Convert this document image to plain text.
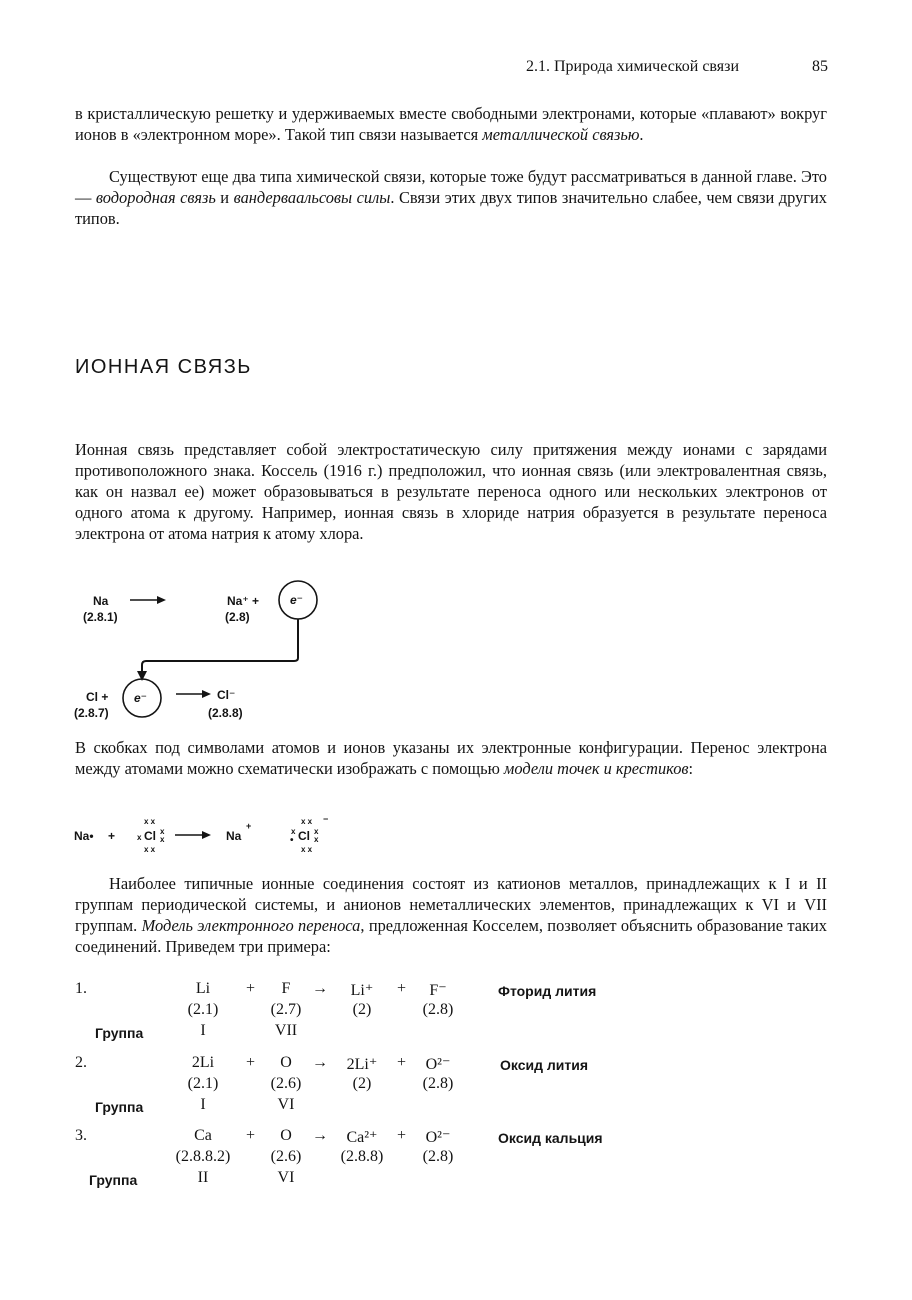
2.1. Природа химической связи	85

в кристаллическую решетку и удерживаемых вместе свободными электронами, которые «плавают» вокруг ионов в «электронном море». Такой тип связи называется металлической связью.

Существуют еще два типа химической связи, которые тоже будут рассматриваться в данной главе. Это — водородная связь и вандерваальсовы силы. Связи этих двух типов значительно слабее, чем связи других типов.

ИОННАЯ СВЯЗЬ

Ионная связь представляет собой электростатическую силу притяжения между ионами с зарядами противоположного знака. Коссель (1916 г.) предположил, что ионная связь (или электровалентная связь, как он назвал ее) может образовываться в результате переноса одного или нескольких электронов от одного атома к другому. Например, ионная связь в хлориде натрия образуется в результате переноса электрона от атома натрия к атому хлора.

Na
(2.8.1)
Na⁺ +
(2.8)
e⁻
Cl +
(2.8.7)
e⁻	Cl⁻
(2.8.8)

В скобках под символами атомов и ионов указаны их электронные конфигурации. Перенос электрона между атомами можно схематически изображать с помощью модели точек и крестиков:

Na• +
x x
x Cl x
x
x x
Na
+	x x −
x
• Cl x
x
x x

Наиболее типичные ионные соединения состоят из катионов металлов, принадлежащих к I и II группам периодической системы, и анионов неметаллических элементов, принадлежащих к VI и VII группам. Модель электронного переноса, предложенная Косселем, позволяет объяснить образование таких соединений. Приведем три примера:

1.	Li	+	F	→	Li⁺	+	F⁻	Фторид лития
(2.1)	(2.7)	(2)	(2.8)
Группа	I	VII
2.	2Li	+	O	→	2Li⁺	+	O²⁻	Оксид лития
(2.1)	(2.6)	(2)	(2.8)
Группа	I	VI
3.	Ca	+	O	→	Ca²⁺	+	O²⁻	Оксид кальция
(2.8.8.2)	(2.6)	(2.8.8)	(2.8)
Группа	II	VI
